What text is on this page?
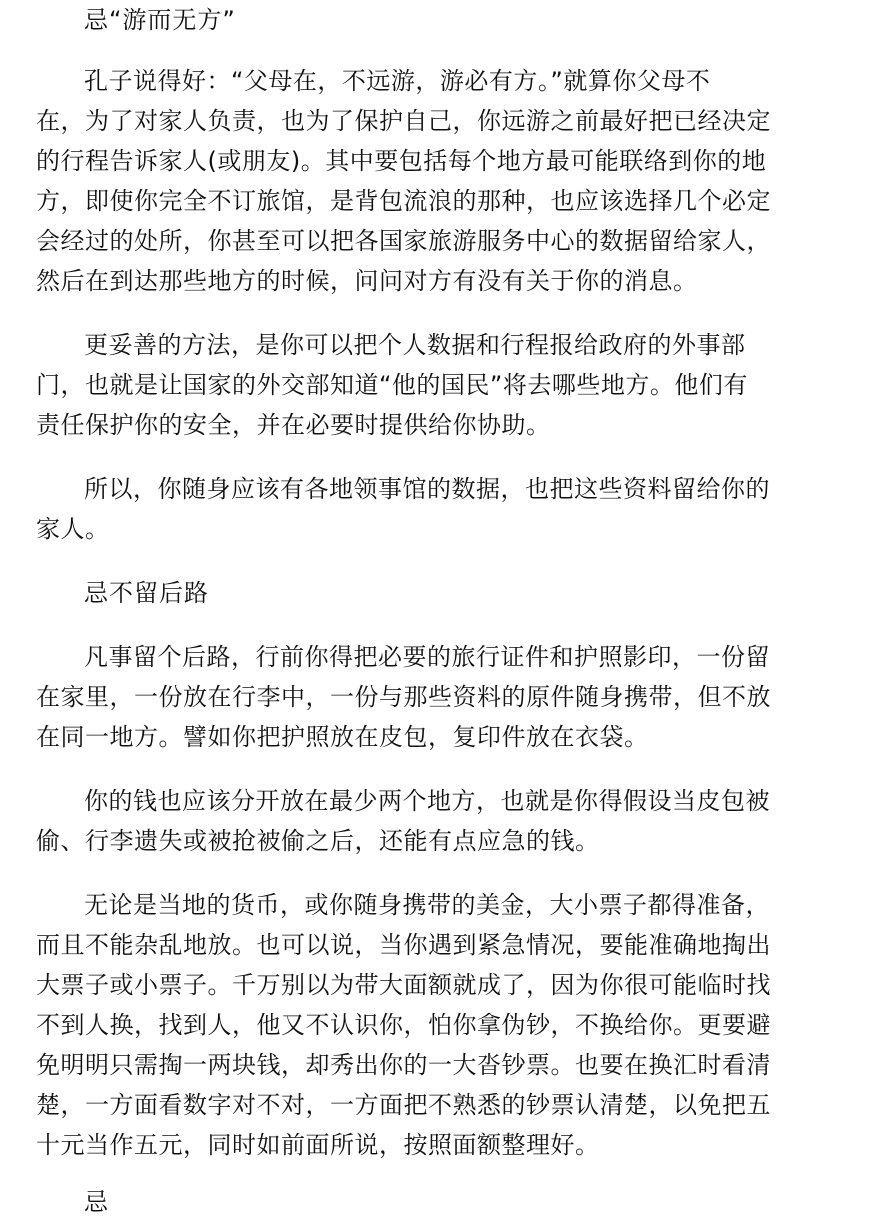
忌“游而无方”
孔子说得好：“父母在，不远游，游必有方。”就算你父母不
在，为了对家人负责，也为了保护自己，你远游之前最好把已经决定
的行程告诉家人(或朋友)。其中要包括每个地方最可能联络到你的地
方，即使你完全不订旅馆，是背包流浪的那种，也应该选择几个必定
会经过的处所，你甚至可以把各国家旅游服务中心的数据留给家人，
然后在到达那些地方的时候，问问对方有没有关于你的消息。
更妥善的方法，是你可以把个人数据和行程报给政府的外事部
门，也就是让国家的外交部知道“他的国民”将去哪些地方。他们有
责任保护你的安全，并在必要时提供给你协助。
所以，你随身应该有各地领事馆的数据，也把这些资料留给你的
家人。
忌不留后路
凡事留个后路，行前你得把必要的旅行证件和护照影印，一份留
在家里，一份放在行李中，一份与那些资料的原件随身携带，但不放
在同一地方。譬如你把护照放在皮包，复印件放在衣袋。
你的钱也应该分开放在最少两个地方，也就是你得假设当皮包被
偷、行李遗失或被抢被偷之后，还能有点应急的钱。
无论是当地的货币，或你随身携带的美金，大小票子都得准备，
而且不能杂乱地放。也可以说，当你遇到紧急情况，要能准确地掏出
大票子或小票子。千万别以为带大面额就成了，因为你很可能临时找
不到人换，找到人，他又不认识你，怕你拿伪钞，不换给你。更要避
免明明只需掏一两块钱，却秀出你的一大沓钞票。也要在换汇时看清
楚，一方面看数字对不对，一方面把不熟悉的钞票认清楚，以免把五
十元当作五元，同时如前面所说，按照面额整理好。
忌
